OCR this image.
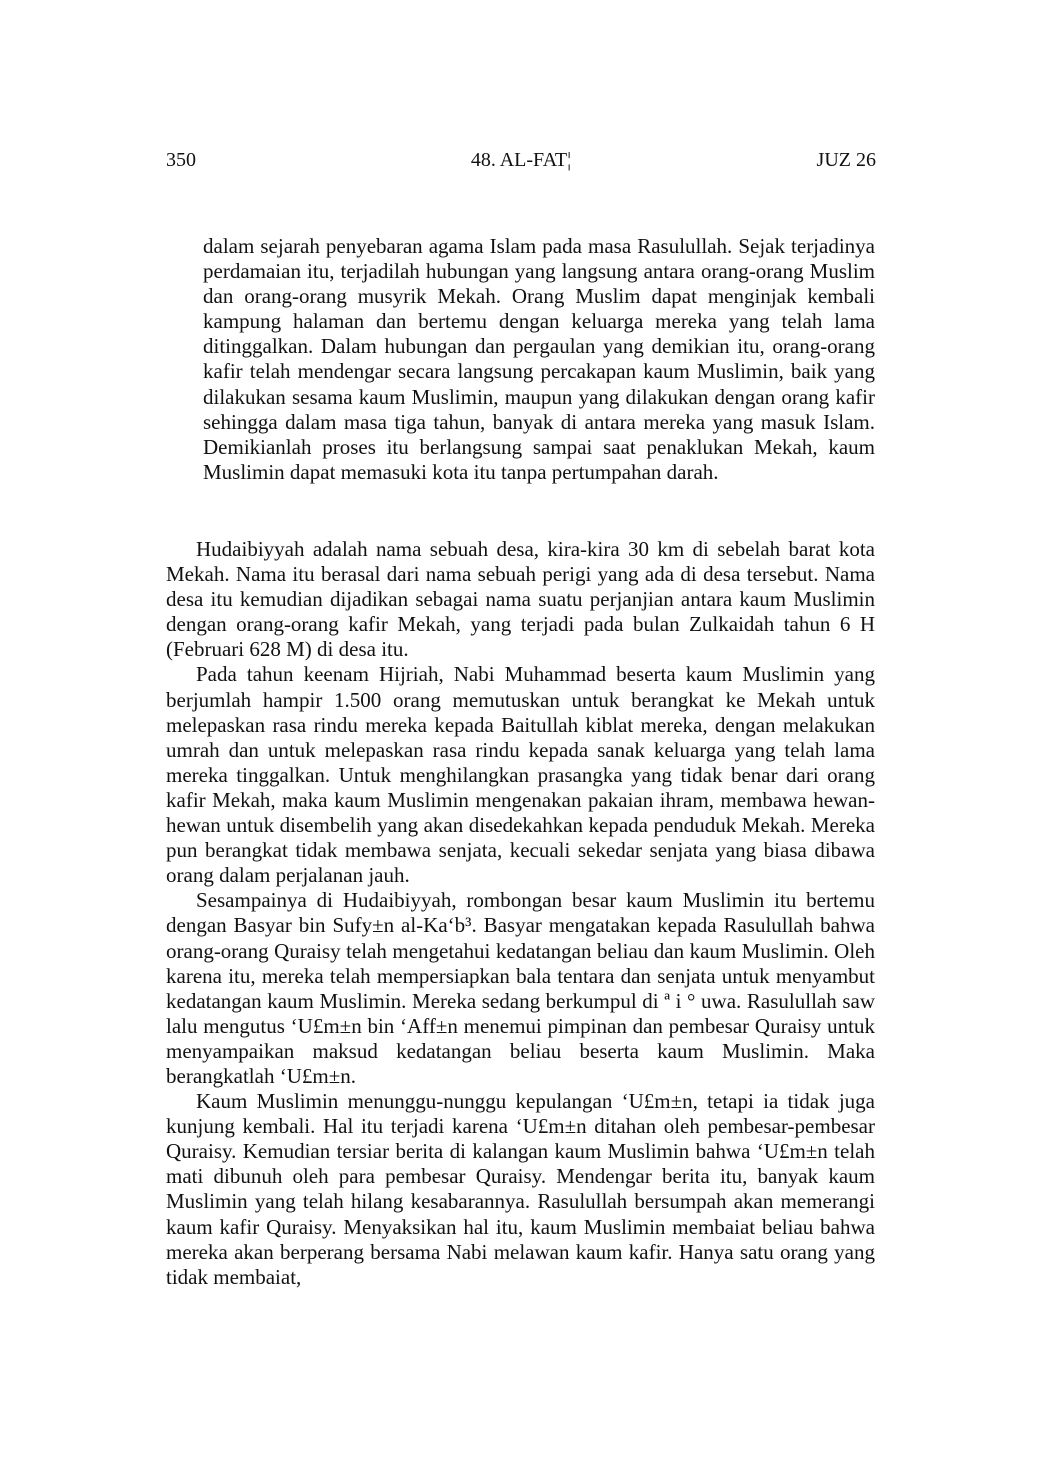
350	48. AL-FAT¦	JUZ 26

dalam sejarah penyebaran agama Islam pada masa Rasulullah. Sejak terjadinya perdamaian itu, terjadilah hubungan yang langsung antara orang-orang Muslim dan orang-orang musyrik Mekah. Orang Muslim dapat menginjak kembali kampung halaman dan bertemu dengan keluarga mereka yang telah lama ditinggalkan. Dalam hubungan dan pergaulan yang demikian itu, orang-orang kafir telah mendengar secara langsung percakapan kaum Muslimin, baik yang dilakukan sesama kaum Muslimin, maupun yang dilakukan dengan orang kafir sehingga dalam masa tiga tahun, banyak di antara mereka yang masuk Islam. Demikianlah proses itu berlangsung sampai saat penaklukan Mekah, kaum Muslimin dapat memasuki kota itu tanpa pertumpahan darah.

Hudaibiyyah adalah nama sebuah desa, kira-kira 30 km di sebelah barat kota Mekah. Nama itu berasal dari nama sebuah perigi yang ada di desa tersebut. Nama desa itu kemudian dijadikan sebagai nama suatu perjanjian antara kaum Muslimin dengan orang-orang kafir Mekah, yang terjadi pada bulan Zulkaidah tahun 6 H (Februari 628 M) di desa itu.

Pada tahun keenam Hijriah, Nabi Muhammad beserta kaum Muslimin yang berjumlah hampir 1.500 orang memutuskan untuk berangkat ke Mekah untuk melepaskan rasa rindu mereka kepada Baitullah kiblat mereka, dengan melakukan umrah dan untuk melepaskan rasa rindu kepada sanak keluarga yang telah lama mereka tinggalkan. Untuk menghilangkan prasangka yang tidak benar dari orang kafir Mekah, maka kaum Muslimin mengenakan pakaian ihram, membawa hewan-hewan untuk disembelih yang akan disedekahkan kepada penduduk Mekah. Mereka pun berangkat tidak membawa senjata, kecuali sekedar senjata yang biasa dibawa orang dalam perjalanan jauh.

Sesampainya di Hudaibiyyah, rombongan besar kaum Muslimin itu bertemu dengan Basyar bin Sufy±n al-Ka‘b³. Basyar mengatakan kepada Rasulullah bahwa orang-orang Quraisy telah mengetahui kedatangan beliau dan kaum Muslimin. Oleh karena itu, mereka telah mempersiapkan bala tentara dan senjata untuk menyambut kedatangan kaum Muslimin. Mereka sedang berkumpul di ª i ° uwa. Rasulullah saw lalu mengutus ‘U£m±n bin ‘Aff±n menemui pimpinan dan pembesar Quraisy untuk menyampaikan maksud kedatangan beliau beserta kaum Muslimin. Maka berangkatlah ‘U£m±n.

Kaum Muslimin menunggu-nunggu kepulangan ‘U£m±n, tetapi ia tidak juga kunjung kembali. Hal itu terjadi karena ‘U£m±n ditahan oleh pembesar-pembesar Quraisy. Kemudian tersiar berita di kalangan kaum Muslimin bahwa ‘U£m±n telah mati dibunuh oleh para pembesar Quraisy. Mendengar berita itu, banyak kaum Muslimin yang telah hilang kesabarannya. Rasulullah bersumpah akan memerangi kaum kafir Quraisy. Menyaksikan hal itu, kaum Muslimin membaiat beliau bahwa mereka akan berperang bersama Nabi melawan kaum kafir. Hanya satu orang yang tidak membaiat,
